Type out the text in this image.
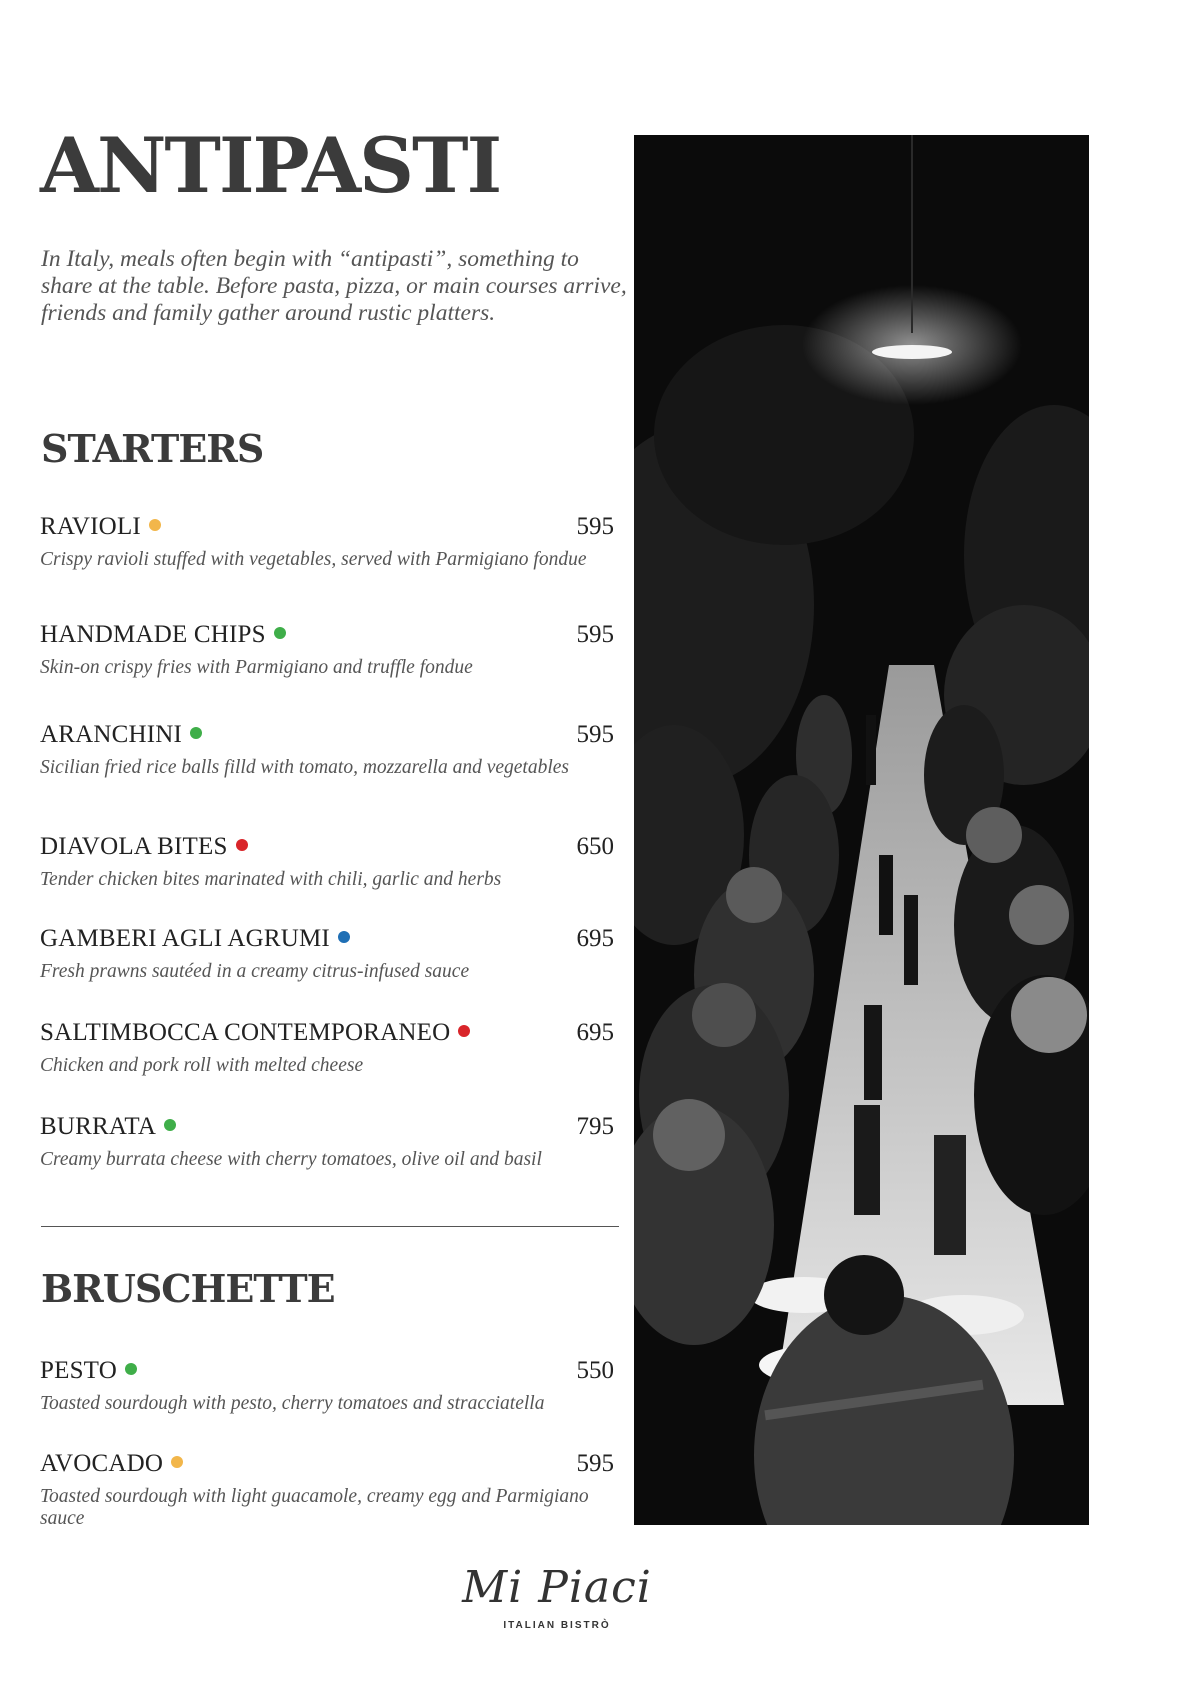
ANTIPASTI

In Italy, meals often begin with “antipasti”, something to share at the table. Before pasta, pizza, or main courses arrive, friends and family gather around rustic platters.

STARTERS
RAVIOLI	595
Crispy ravioli stuffed with vegetables, served with Parmigiano fondue
HANDMADE CHIPS	595
Skin-on crispy fries with Parmigiano and truffle fondue
ARANCHINI	595
Sicilian fried rice balls filld with tomato, mozzarella and vegetables
DIAVOLA BITES	650
Tender chicken bites marinated with chili, garlic and herbs
GAMBERI AGLI AGRUMI	695
Fresh prawns sautéed in a creamy citrus-infused sauce
SALTIMBOCCA CONTEMPORANEO	695
Chicken and pork roll with melted cheese
BURRATA	795
Creamy burrata cheese with cherry tomatoes, olive oil and basil
BRUSCHETTE
PESTO	550
Toasted sourdough with pesto, cherry tomatoes and stracciatella
AVOCADO	595
Toasted sourdough with light guacamole, creamy egg and Parmigiano sauce
Mi Piaci
ITALIAN BISTRÒ
